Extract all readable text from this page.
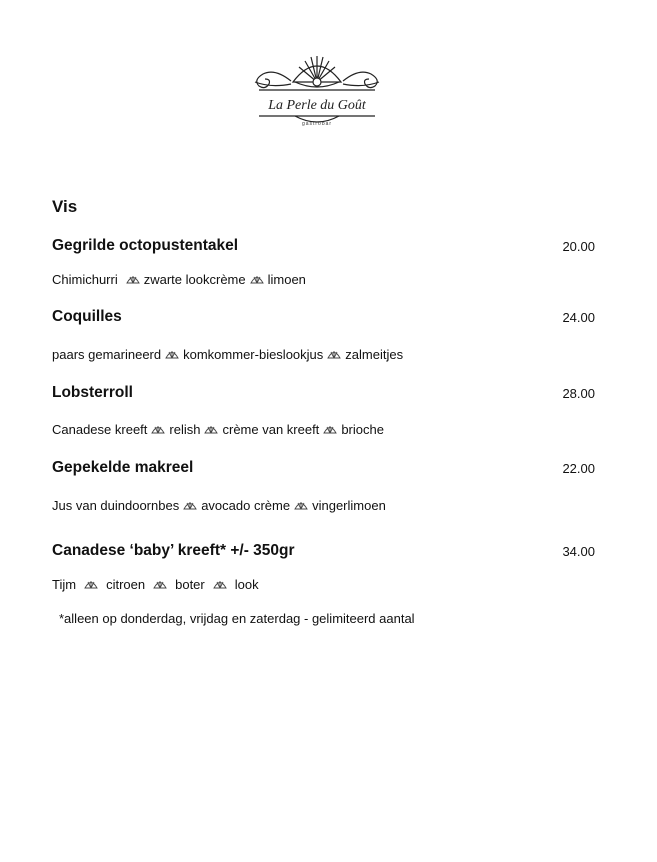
La Perle du Goût
gastrobar
Vis
Gegrilde octopustentakel	20.00
Chimichurri zwarte lookcrème limoen
Coquilles	24.00
paars gemarineerd komkommer-bieslookjus zalmeitjes
Lobsterroll	28.00
Canadese kreeft relish crème van kreeft brioche
Gepekelde makreel	22.00
Jus van duindoornbes avocado crème vingerlimoen
Canadese ‘baby’ kreeft* +/- 350gr	34.00
Tijm citroen boter look
*alleen op donderdag, vrijdag en zaterdag - gelimiteerd aantal
